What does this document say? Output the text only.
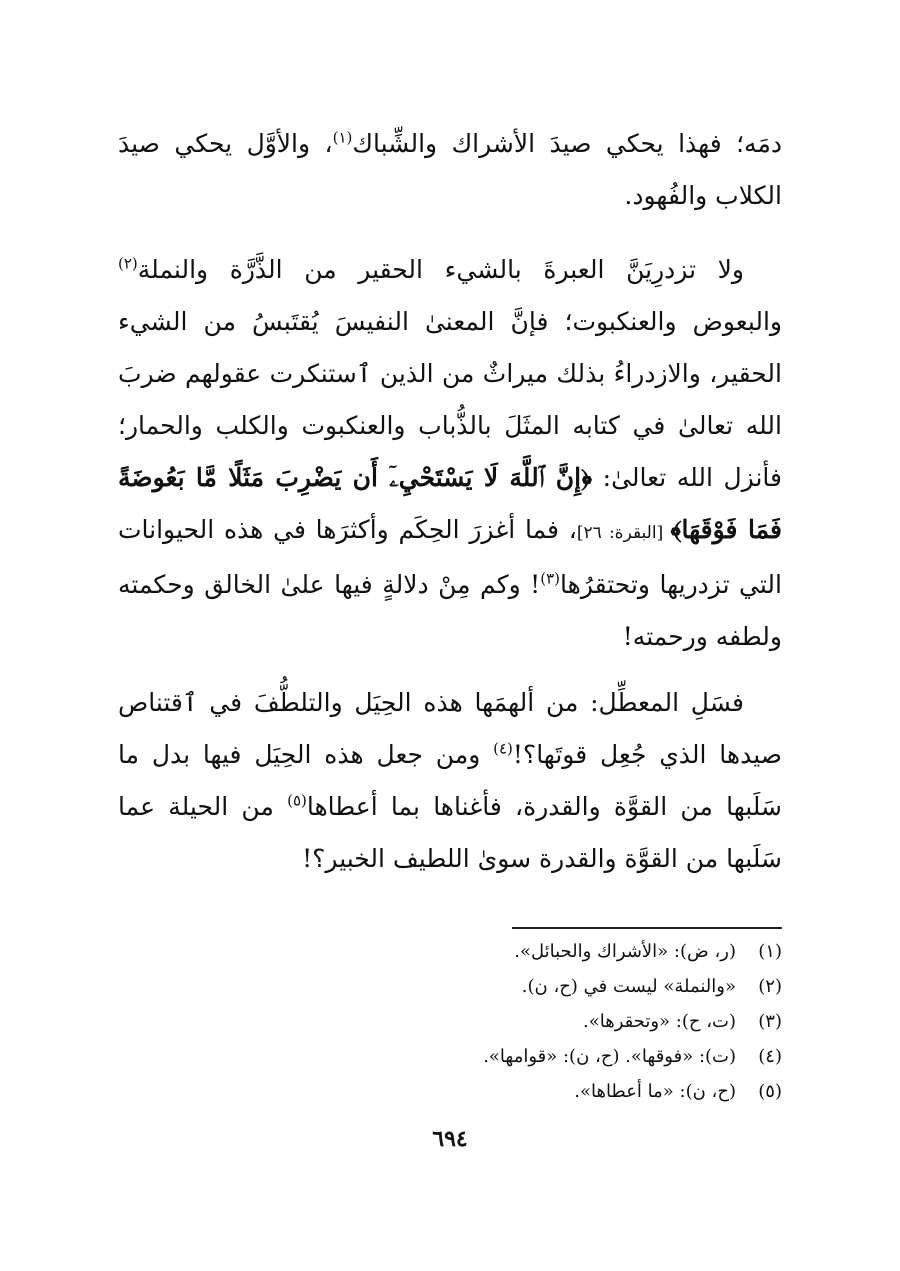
دمَه؛ فهذا يحكي صيدَ الأشراك والشِّباك$^{(١)}$، والأوَّل يحكي صيدَ الكلاب والفُهود.

ولا تزدرِيَنَّ العبرةَ بالشيء الحقير من الذَّرَّة والنملة$^{(٢)}$ والبعوض والعنكبوت؛ فإنَّ المعنىٰ النفيسَ يُقتَبسُ من الشيء الحقير، والازدراءُ بذلك ميراثٌ من الذين ٱستنكرت عقولهم ضربَ الله تعالىٰ في كتابه المثَلَ بالذُّباب والعنكبوت والكلب والحمار؛ فأنزل الله تعالىٰ: ﴿إِنَّ ٱللَّهَ لَا يَسْتَحْيِۦٓ أَن يَضْرِبَ مَثَلًا مَّا بَعُوضَةً فَمَا فَوْقَهَا﴾ [البقرة: ٢٦]، فما أغزرَ الحِكَم وأكثرَها في هذه الحيوانات التي تزدريها وتحتقرُها$^{(٣)}$! وكم مِنْ دلالةٍ فيها علىٰ الخالق وحكمته ولطفه ورحمته!

فسَلِ المعطِّل: من ألهمَها هذه الحِيَل والتلطُّفَ في ٱقتناص صيدها الذي جُعِل قوتَها؟!$^{(٤)}$ ومن جعل هذه الحِيَل فيها بدل ما سَلَبها من القوَّة والقدرة، فأغناها بما أعطاها$^{(٥)}$ من الحيلة عما سَلَبها من القوَّة والقدرة سوىٰ اللطيف الخبير؟!

(١)
(ر، ض): «الأشراك والحبائل».
(٢)
«والنملة» ليست في (ح، ن).
(٣)
(ت، ح): «وتحقرها».
(٤)
(ت): «فوقها». (ح، ن): «قوامها».
(٥)
(ح، ن): «ما أعطاها».
٦٩٤
